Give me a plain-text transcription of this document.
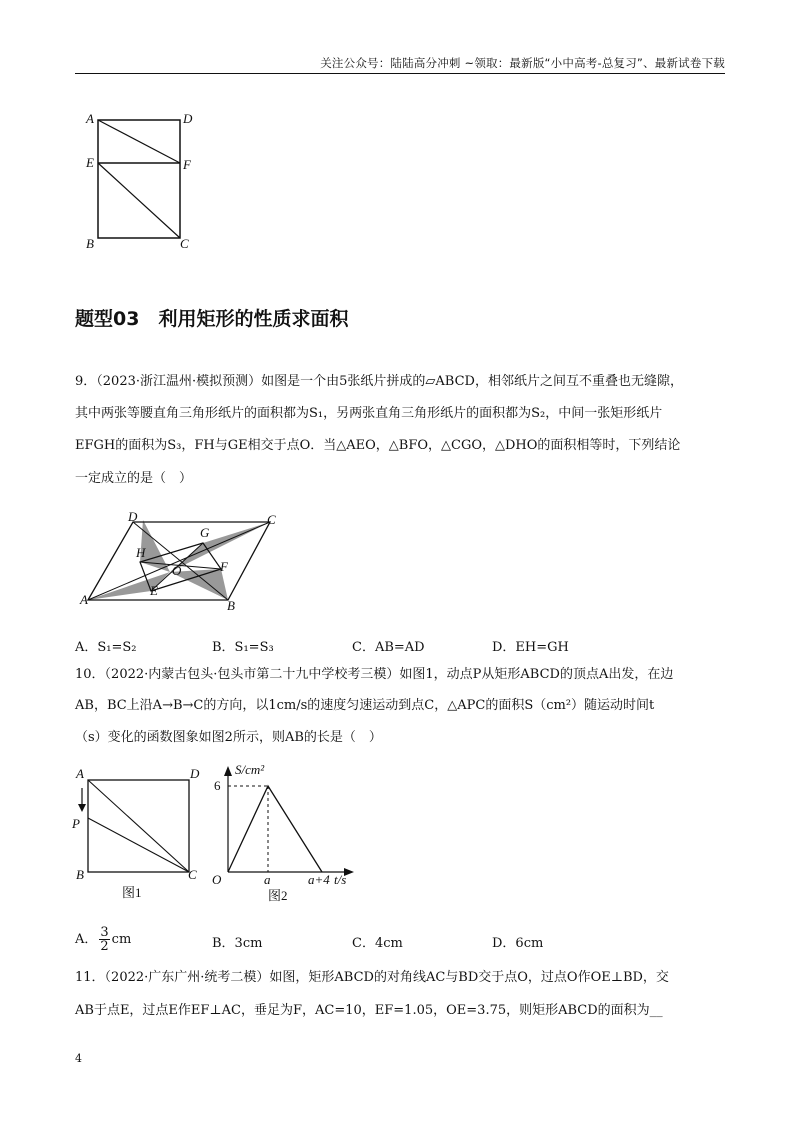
关注公众号：陆陆高分冲刺 ~领取：最新版“小中高考-总复习”、最新试卷下载
A	D
E	F
B	C
题型03　利用矩形的性质求面积
9．（2023·浙江温州·模拟预测）如图是一个由5张纸片拼成的▱ABCD，相邻纸片之间互不重叠也无缝隙，
其中两张等腰直角三角形纸片的面积都为S₁，另两张直角三角形纸片的面积都为S₂，中间一张矩形纸片
EFGH的面积为S₃，FH与GE相交于点O．当△AEO，△BFO，△CGO，△DHO的面积相等时，下列结论
一定成立的是（　）
D
G
C
H
O	F
E
A	B
A．S₁=S₂	B．S₁=S₃	C．AB=AD	D．EH=GH
10．（2022·内蒙古包头·包头市第二十九中学校考三模）如图1，动点P从矩形ABCD的顶点A出发，在边
AB，BC上沿A→B→C的方向，以1cm/s的速度匀速运动到点C，△APC的面积S（cm²）随运动时间t
（s）变化的函数图象如图2所示，则AB的长是（　）
A	D
P
B	C
图1
S/cm²
6
O	a	a+4 t/s
图2
A． $\frac{3}{2}$ cm	B．3cm	C．4cm	D．6cm
11．（2022·广东广州·统考二模）如图，矩形ABCD的对角线AC与BD交于点O，过点O作OE⊥BD，交
AB于点E，过点E作EF⊥AC，垂足为F，AC=10，EF=1.05，OE=3.75，则矩形ABCD的面积为__
4
